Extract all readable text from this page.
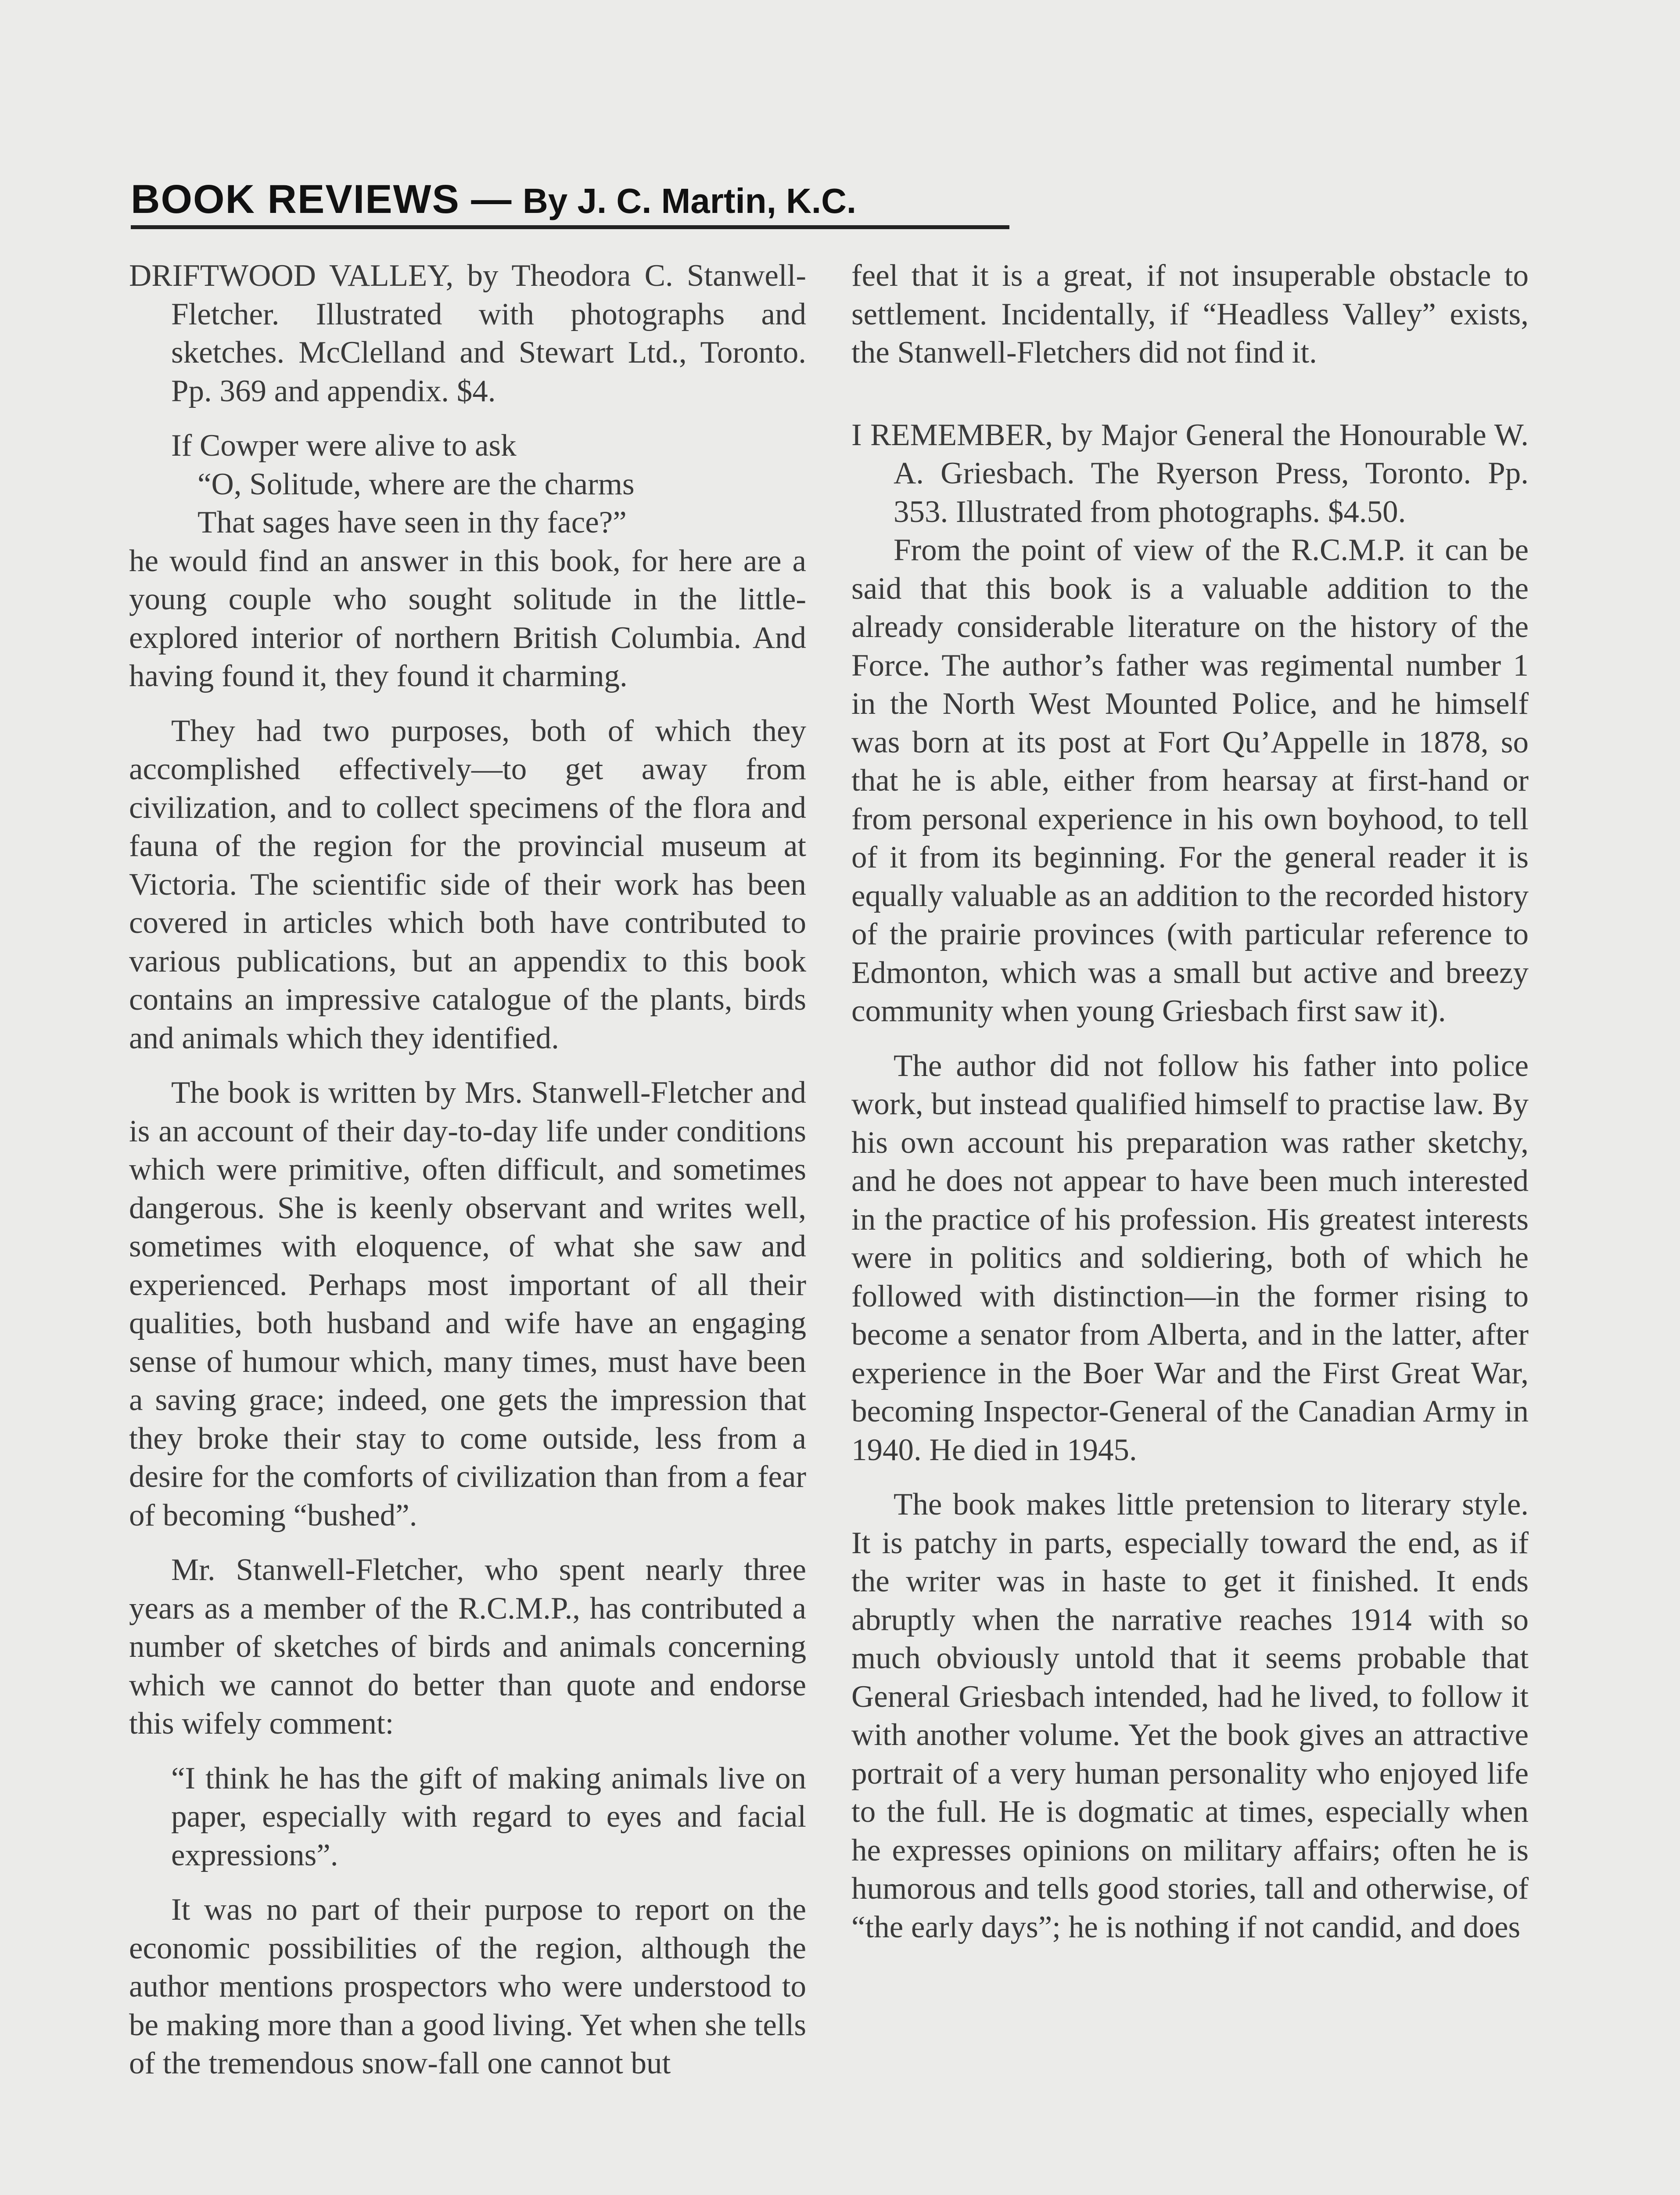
BOOK REVIEWS — By J. C. Martin, K.C.

DRIFTWOOD VALLEY, by Theodora C. Stanwell-Fletcher. Illustrated with photographs and sketches. McClelland and Stewart Ltd., Toronto. Pp. 369 and appendix. $4.

If Cowper were alive to ask
“O, Solitude, where are the charms
That sages have seen in thy face?”

he would find an answer in this book, for here are a young couple who sought solitude in the little-explored interior of northern British Columbia. And having found it, they found it charming.

They had two purposes, both of which they accomplished effectively—to get away from civilization, and to collect specimens of the flora and fauna of the region for the provincial museum at Victoria. The scientific side of their work has been covered in articles which both have contributed to various publications, but an appendix to this book contains an impressive catalogue of the plants, birds and animals which they identified.

The book is written by Mrs. Stanwell-Fletcher and is an account of their day-to-day life under conditions which were primitive, often difficult, and sometimes dangerous. She is keenly observant and writes well, sometimes with eloquence, of what she saw and experienced. Perhaps most important of all their qualities, both husband and wife have an engaging sense of humour which, many times, must have been a saving grace; indeed, one gets the impression that they broke their stay to come outside, less from a desire for the comforts of civilization than from a fear of becoming “bushed”.

Mr. Stanwell-Fletcher, who spent nearly three years as a member of the R.C.M.P., has contributed a number of sketches of birds and animals concerning which we cannot do better than quote and endorse this wifely comment:

“I think he has the gift of making animals live on paper, especially with regard to eyes and facial expressions”.

It was no part of their purpose to report on the economic possibilities of the region, although the author mentions prospectors who were understood to be making more than a good living. Yet when she tells of the tremendous snow-fall one cannot but

feel that it is a great, if not insuperable obstacle to settlement. Incidentally, if “Headless Valley” exists, the Stanwell-Fletchers did not find it.

I REMEMBER, by Major General the Honourable W. A. Griesbach. The Ryerson Press, Toronto. Pp. 353. Illustrated from photographs. $4.50.

From the point of view of the R.C.M.P. it can be said that this book is a valuable addition to the already considerable literature on the history of the Force. The author’s father was regimental number 1 in the North West Mounted Police, and he himself was born at its post at Fort Qu’Appelle in 1878, so that he is able, either from hearsay at first-hand or from personal experience in his own boyhood, to tell of it from its beginning. For the general reader it is equally valuable as an addition to the recorded history of the prairie provinces (with particular reference to Edmonton, which was a small but active and breezy community when young Griesbach first saw it).

The author did not follow his father into police work, but instead qualified himself to practise law. By his own account his preparation was rather sketchy, and he does not appear to have been much interested in the practice of his profession. His greatest interests were in politics and soldiering, both of which he followed with distinction—in the former rising to become a senator from Alberta, and in the latter, after experience in the Boer War and the First Great War, becoming Inspector-General of the Canadian Army in 1940. He died in 1945.

The book makes little pretension to literary style. It is patchy in parts, especially toward the end, as if the writer was in haste to get it finished. It ends abruptly when the narrative reaches 1914 with so much obviously untold that it seems probable that General Griesbach intended, had he lived, to follow it with another volume. Yet the book gives an attractive portrait of a very human personality who enjoyed life to the full. He is dogmatic at times, especially when he expresses opinions on military affairs; often he is humorous and tells good stories, tall and otherwise, of “the early days”; he is nothing if not candid, and does
